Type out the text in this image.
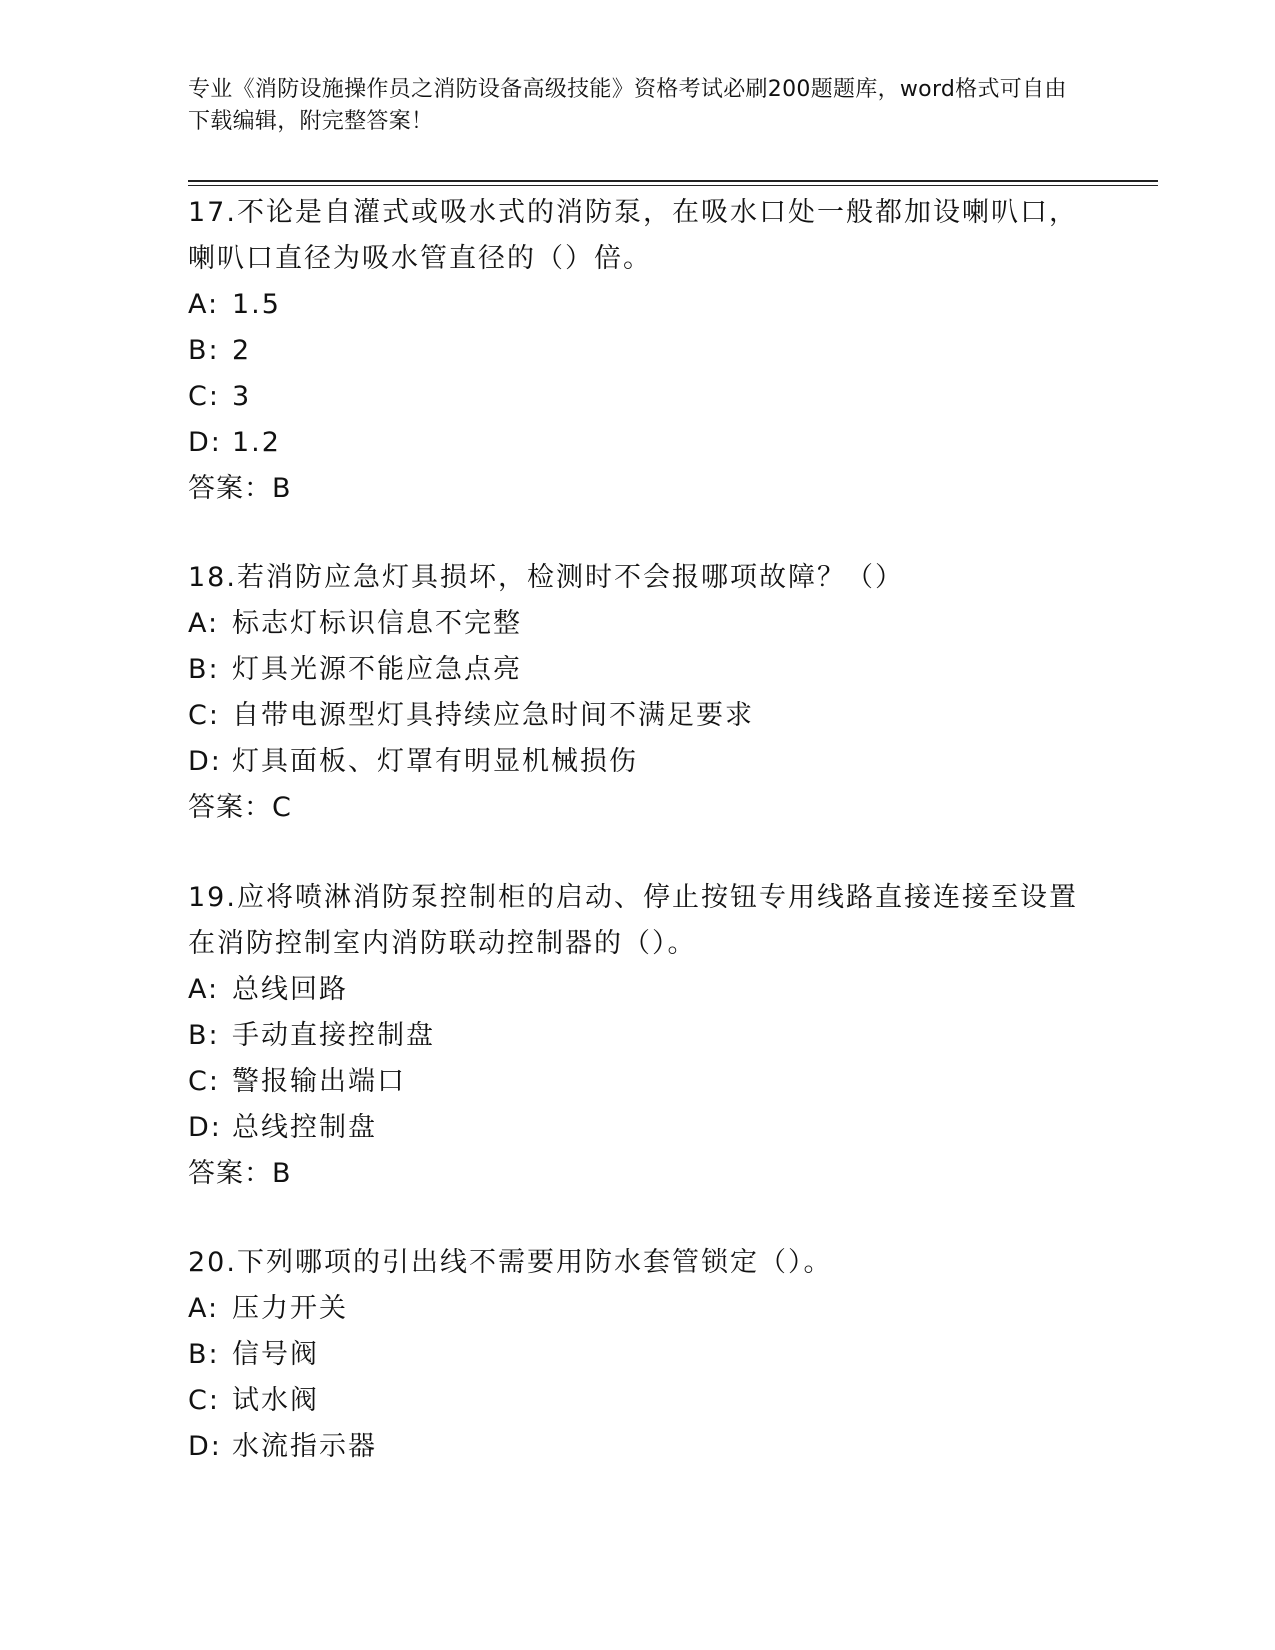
专业《消防设施操作员之消防设备高级技能》资格考试必刷200题题库，word格式可自由下载编辑，附完整答案！

17.不论是自灌式或吸水式的消防泵，在吸水口处一般都加设喇叭口，喇叭口直径为吸水管直径的（）倍。

A: 1.5

B: 2

C: 3

D: 1.2

答案：B

18.若消防应急灯具损坏，检测时不会报哪项故障？（）

A: 标志灯标识信息不完整

B: 灯具光源不能应急点亮

C: 自带电源型灯具持续应急时间不满足要求

D: 灯具面板、灯罩有明显机械损伤

答案：C

19.应将喷淋消防泵控制柜的启动、停止按钮专用线路直接连接至设置在消防控制室内消防联动控制器的（）。

A: 总线回路

B: 手动直接控制盘

C: 警报输出端口

D: 总线控制盘

答案：B

20.下列哪项的引出线不需要用防水套管锁定（）。

A: 压力开关

B: 信号阀

C: 试水阀

D: 水流指示器
